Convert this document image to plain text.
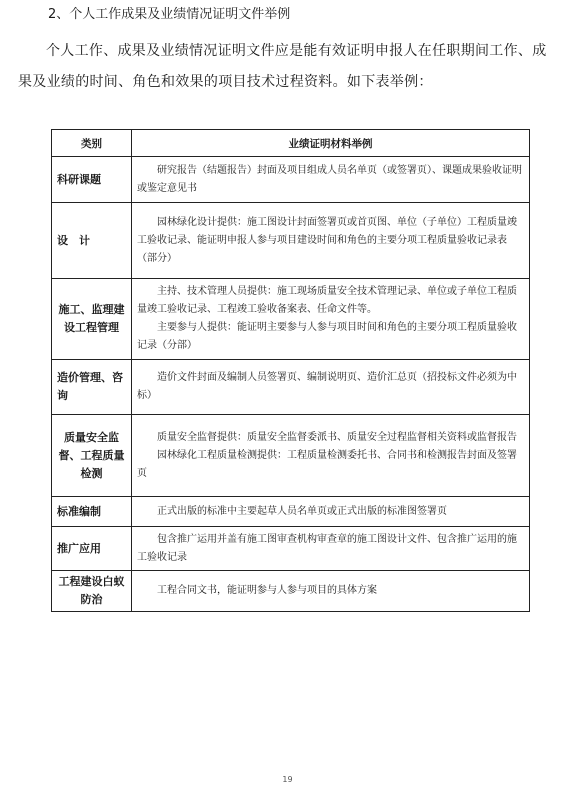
2、个人工作成果及业绩情况证明文件举例
个人工作、成果及业绩情况证明文件应是能有效证明申报人在任职期间工作、成果及业绩的时间、角色和效果的项目技术过程资料。如下表举例：
类别	业绩证明材料举例
科研课题	研究报告（结题报告）封面及项目组成人员名单页（或签署页）、课题成果验收证明或鉴定意见书

设　计	园林绿化设计提供：施工图设计封面签署页或首页图、单位（子单位）工程质量竣工验收记录、能证明申报人参与项目建设时间和角色的主要分项工程质量验收记录表（部分）

施工、监理建设工程管理	主持、技术管理人员提供：施工现场质量安全技术管理记录、单位或子单位工程质量竣工验收记录、工程竣工验收备案表、任命文件等。

主要参与人提供：能证明主要参与人参与项目时间和角色的主要分项工程质量验收记录（分部）

造价管理、咨询	造价文件封面及编制人员签署页、编制说明页、造价汇总页（招投标文件必须为中标）

质量安全监督、工程质量检测	质量安全监督提供：质量安全监督委派书、质量安全过程监督相关资料或监督报告

园林绿化工程质量检测提供：工程质量检测委托书、合同书和检测报告封面及签署页

标准编制	正式出版的标准中主要起草人员名单页或正式出版的标准图签署页

推广应用	包含推广运用并盖有施工图审查机构审查章的施工图设计文件、包含推广运用的施工验收记录

工程建设白蚁防治	工程合同文书，能证明参与人参与项目的具体方案

19
